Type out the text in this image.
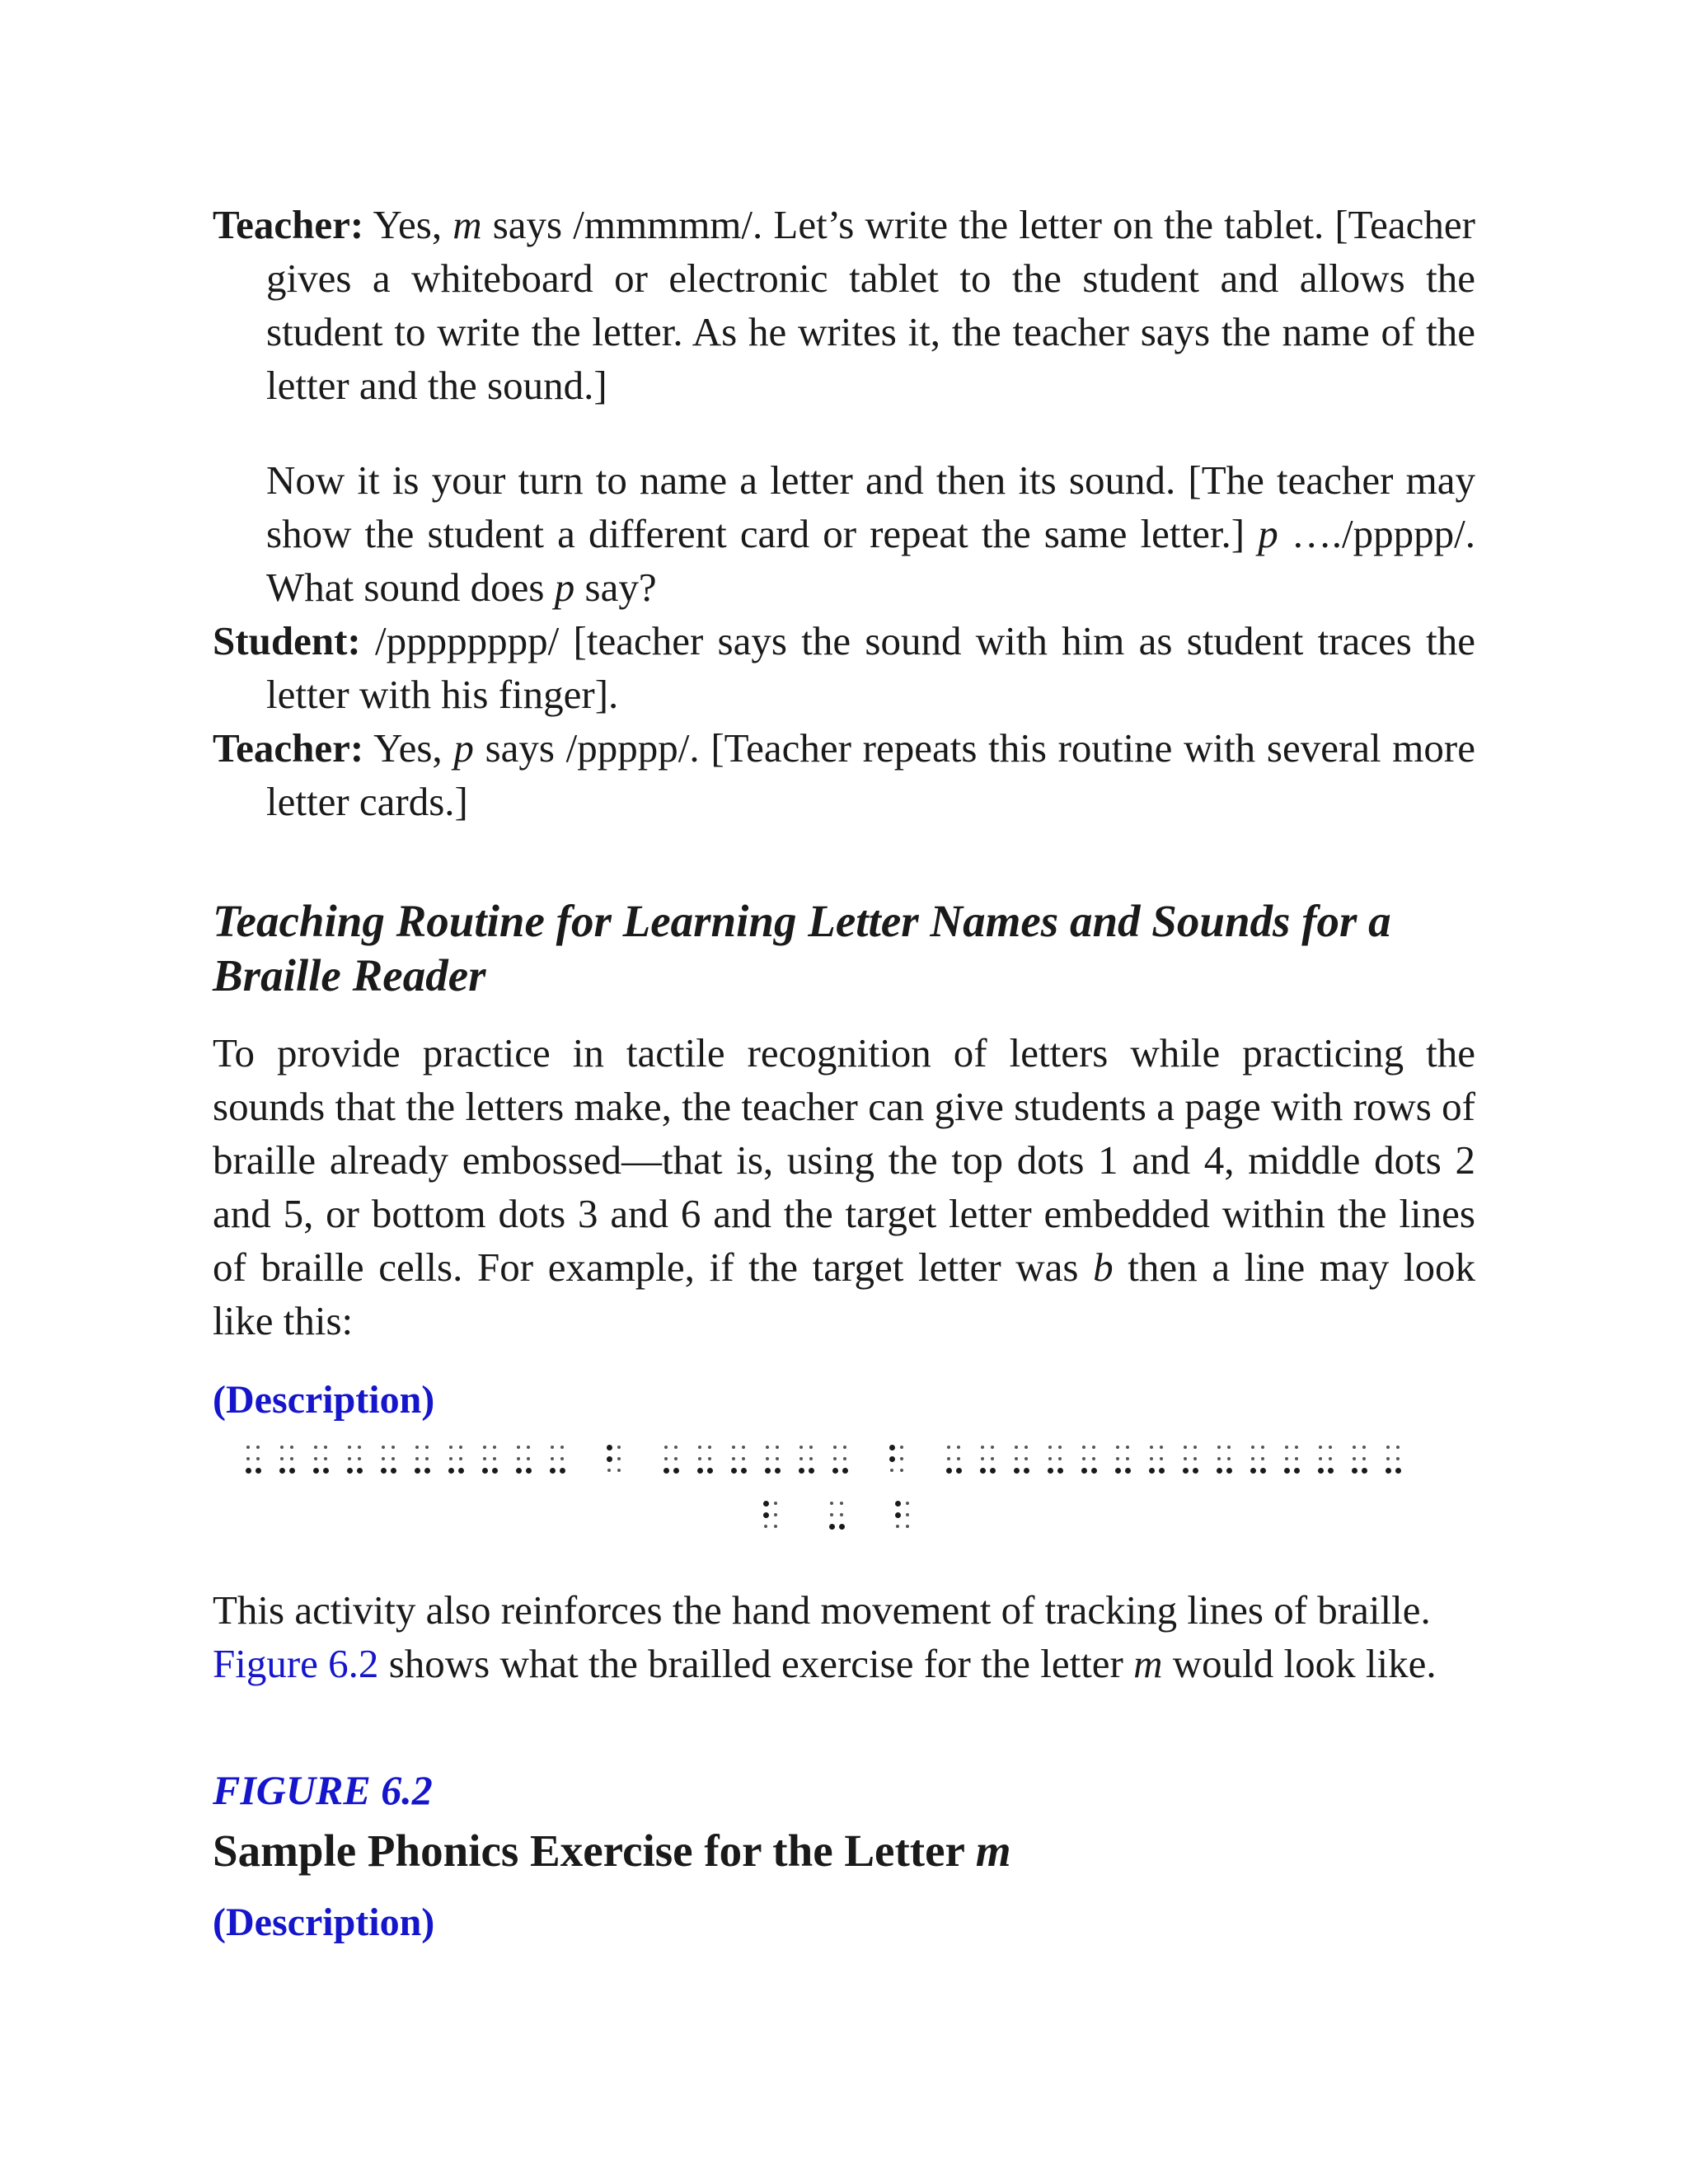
Teacher: Yes, m says /mmmmm/. Let’s write the letter on the tablet. [Teacher gives a whiteboard or electronic tablet to the student and allows the student to write the letter. As he writes it, the teacher says the name of the letter and the sound.]

Now it is your turn to name a letter and then its sound. [The teacher may show the student a different card or repeat the same letter.] p …./ppppp/. What sound does p say?

Student: /pppppppp/ [teacher says the sound with him as student traces the letter with his finger].

Teacher: Yes, p says /ppppp/. [Teacher repeats this routine with several more letter cards.]

Teaching Routine for Learning Letter Names and Sounds for a Braille Reader

To provide practice in tactile recognition of letters while practicing the sounds that the letters make, the teacher can give students a page with rows of braille already embossed—that is, using the top dots 1 and 4, middle dots 2 and 5, or bottom dots 3 and 6 and the target letter embedded within the lines of braille cells. For example, if the target letter was b then a line may look like this:

(Description)

This activity also reinforces the hand movement of tracking lines of braille. Figure 6.2 shows what the brailled exercise for the letter m would look like.

FIGURE 6.2
Sample Phonics Exercise for the Letter m
(Description)
